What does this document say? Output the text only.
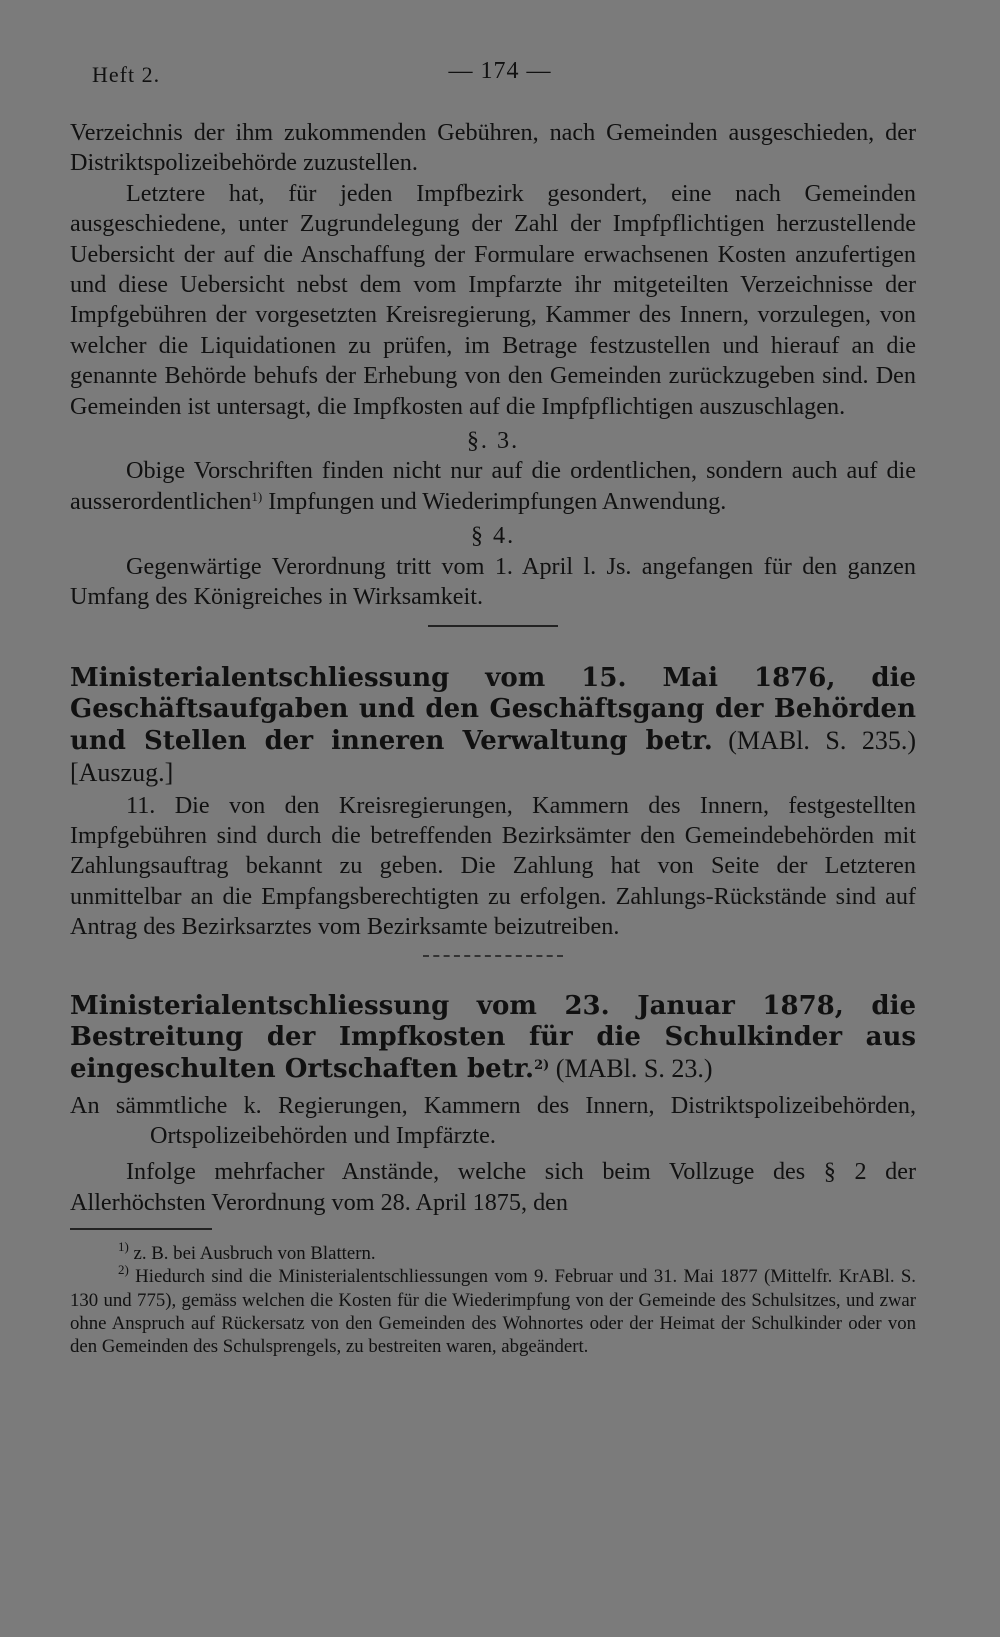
Heft 2.	— 174 —

Verzeichnis der ihm zukommenden Gebühren, nach Gemeinden ausgeschieden, der Distriktspolizeibehörde zuzustellen.

Letztere hat, für jeden Impfbezirk gesondert, eine nach Gemeinden ausgeschiedene, unter Zugrundelegung der Zahl der Impfpflichtigen herzustellende Uebersicht der auf die Anschaffung der Formulare erwachsenen Kosten anzufertigen und diese Uebersicht nebst dem vom Impfarzte ihr mitgeteilten Verzeichnisse der Impfgebühren der vorgesetzten Kreisregierung, Kammer des Innern, vorzulegen, von welcher die Liquidationen zu prüfen, im Betrage festzustellen und hierauf an die genannte Behörde behufs der Erhebung von den Gemeinden zurückzugeben sind. Den Gemeinden ist untersagt, die Impfkosten auf die Impfpflichtigen auszuschlagen.

§. 3.

Obige Vorschriften finden nicht nur auf die ordentlichen, sondern auch auf die ausserordentlichen$^{1)}$ Impfungen und Wiederimpfungen Anwendung.

§ 4.

Gegenwärtige Verordnung tritt vom 1. April l. Js. angefangen für den ganzen Umfang des Königreiches in Wirksamkeit.

Ministerialentschliessung vom 15. Mai 1876, die Geschäftsaufgaben und den Geschäftsgang der Behörden und Stellen der inneren Verwaltung betr. (MABl. S. 235.) [Auszug.]

11. Die von den Kreisregierungen, Kammern des Innern, festgestellten Impfgebühren sind durch die betreffenden Bezirksämter den Gemeindebehörden mit Zahlungsauftrag bekannt zu geben. Die Zahlung hat von Seite der Letzteren unmittelbar an die Empfangsberechtigten zu erfolgen. Zahlungs-Rückstände sind auf Antrag des Bezirksarztes vom Bezirksamte beizutreiben.

Ministerialentschliessung vom 23. Januar 1878, die Bestreitung der Impfkosten für die Schulkinder aus eingeschulten Ortschaften betr.$^{2)}$ (MABl. S. 23.)

An sämmtliche k. Regierungen, Kammern des Innern, Distriktspolizeibehörden, Ortspolizeibehörden und Impfärzte.

Infolge mehrfacher Anstände, welche sich beim Vollzuge des § 2 der Allerhöchsten Verordnung vom 28. April 1875, den

$^{1)}$ z. B. bei Ausbruch von Blattern.

$^{2)}$ Hiedurch sind die Ministerialentschliessungen vom 9. Februar und 31. Mai 1877 (Mittelfr. KrABl. S. 130 und 775), gemäss welchen die Kosten für die Wiederimpfung von der Gemeinde des Schulsitzes, und zwar ohne Anspruch auf Rückersatz von den Gemeinden des Wohnortes oder der Heimat der Schulkinder oder von den Gemeinden des Schulsprengels, zu bestreiten waren, abgeändert.
